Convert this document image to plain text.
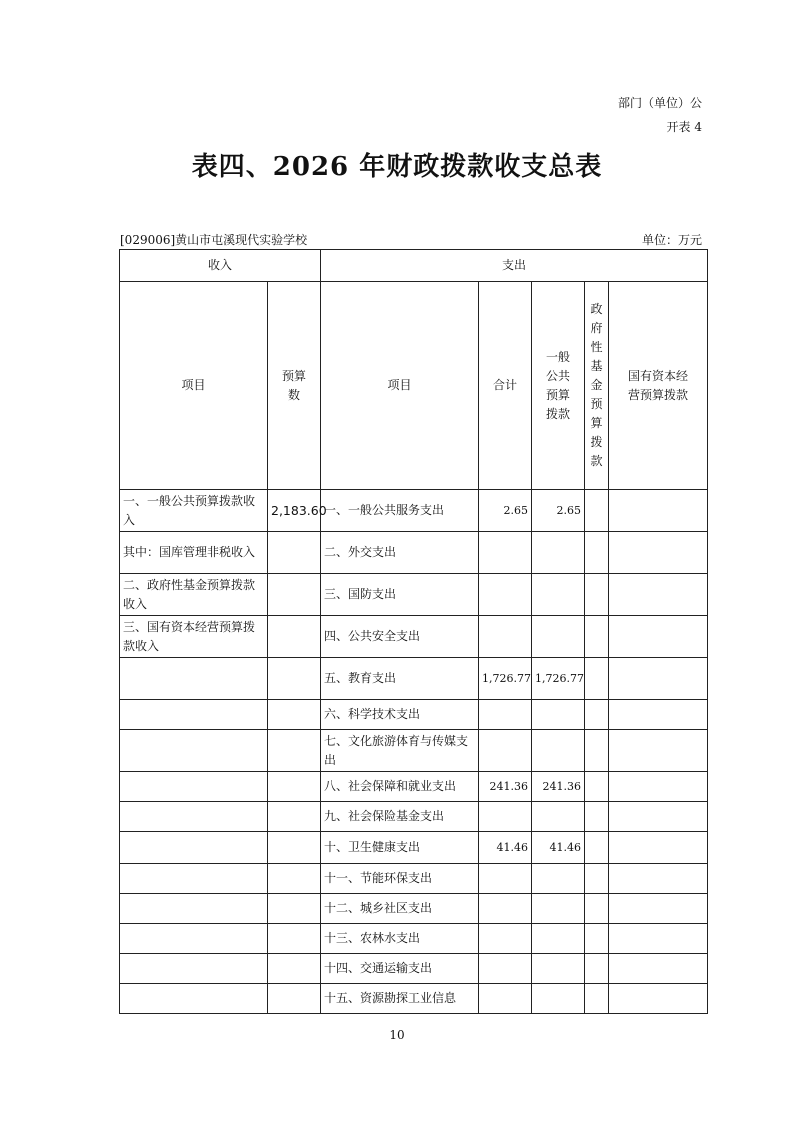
部门（单位）公
开表 4
表四、2026 年财政拨款收支总表
[029006]黄山市屯溪现代实验学校	单位：万元
收入		支出				
项目	预算数	项目	合计	一般公共预算拨款	政府性基金预算拨款	国有资本经营预算拨款
一、一般公共预算拨款收入	2,183.60	一、一般公共服务支出	2.65	2.65		
其中：国库管理非税收入		二、外交支出				
二、政府性基金预算拨款收入		三、国防支出				
三、国有资本经营预算拨款收入		四、公共安全支出				
		五、教育支出	1,726.77	1,726.77		
		六、科学技术支出				
		七、文化旅游体育与传媒支出				
		八、社会保障和就业支出	241.36	241.36		
		九、社会保险基金支出				
		十、卫生健康支出	41.46	41.46		
		十一、节能环保支出				
		十二、城乡社区支出				
		十三、农林水支出				
		十四、交通运输支出				
		十五、资源勘探工业信息				
10
